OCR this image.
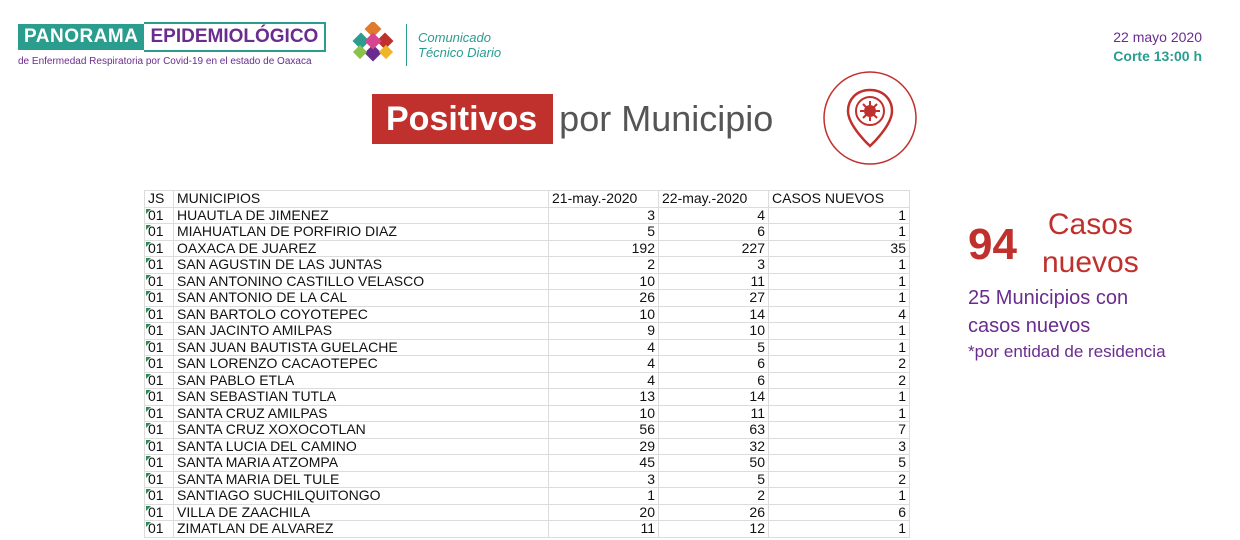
PANORAMA EPIDEMIOLÓGICO
de Enfermedad Respiratoria por Covid-19 en el estado de Oaxaca
Comunicado
Técnico Diario
22 mayo 2020
Corte 13:00 h
Positivos por Municipio
JS	MUNICIPIOS	21-may.-2020	22-may.-2020	CASOS NUEVOS

01	HUAUTLA DE JIMENEZ	3	4	1

01	MIAHUATLAN DE PORFIRIO DIAZ	5	6	1

01	OAXACA DE JUAREZ	192	227	35

01	SAN AGUSTIN DE LAS JUNTAS	2	3	1

01	SAN ANTONINO CASTILLO VELASCO	10	11	1

01	SAN ANTONIO DE LA CAL	26	27	1

01	SAN BARTOLO COYOTEPEC	10	14	4

01	SAN JACINTO AMILPAS	9	10	1

01	SAN JUAN BAUTISTA GUELACHE	4	5	1

01	SAN LORENZO CACAOTEPEC	4	6	2

01	SAN PABLO ETLA	4	6	2

01	SAN SEBASTIAN TUTLA	13	14	1

01	SANTA CRUZ AMILPAS	10	11	1

01	SANTA CRUZ XOXOCOTLAN	56	63	7

01	SANTA LUCIA DEL CAMINO	29	32	3

01	SANTA MARIA ATZOMPA	45	50	5

01	SANTA MARIA DEL TULE	3	5	2

01	SANTIAGO SUCHILQUITONGO	1	2	1

01	VILLA DE ZAACHILA	20	26	6

01	ZIMATLAN DE ALVAREZ	11	12	1
94 Casos
nuevos
25 Municipios con
casos nuevos
*por entidad de residencia
